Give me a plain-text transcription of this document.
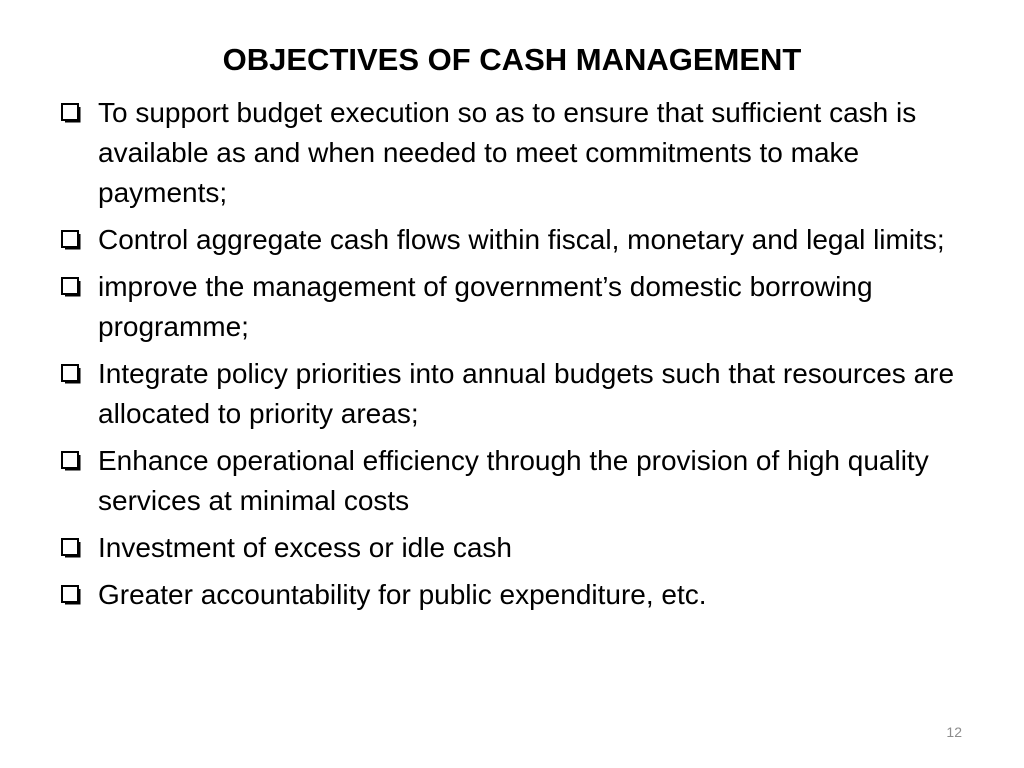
OBJECTIVES OF CASH MANAGEMENT
To support budget execution so as to ensure that sufficient cash is available as and when needed to meet commitments to make payments;
Control aggregate cash flows within fiscal, monetary and legal limits;
improve the management of government’s domestic borrowing programme;
Integrate policy priorities into annual budgets such that resources are allocated to priority areas;
Enhance operational efficiency through the provision of high quality services at minimal costs
Investment of excess or idle cash
Greater accountability for public expenditure, etc.
12
